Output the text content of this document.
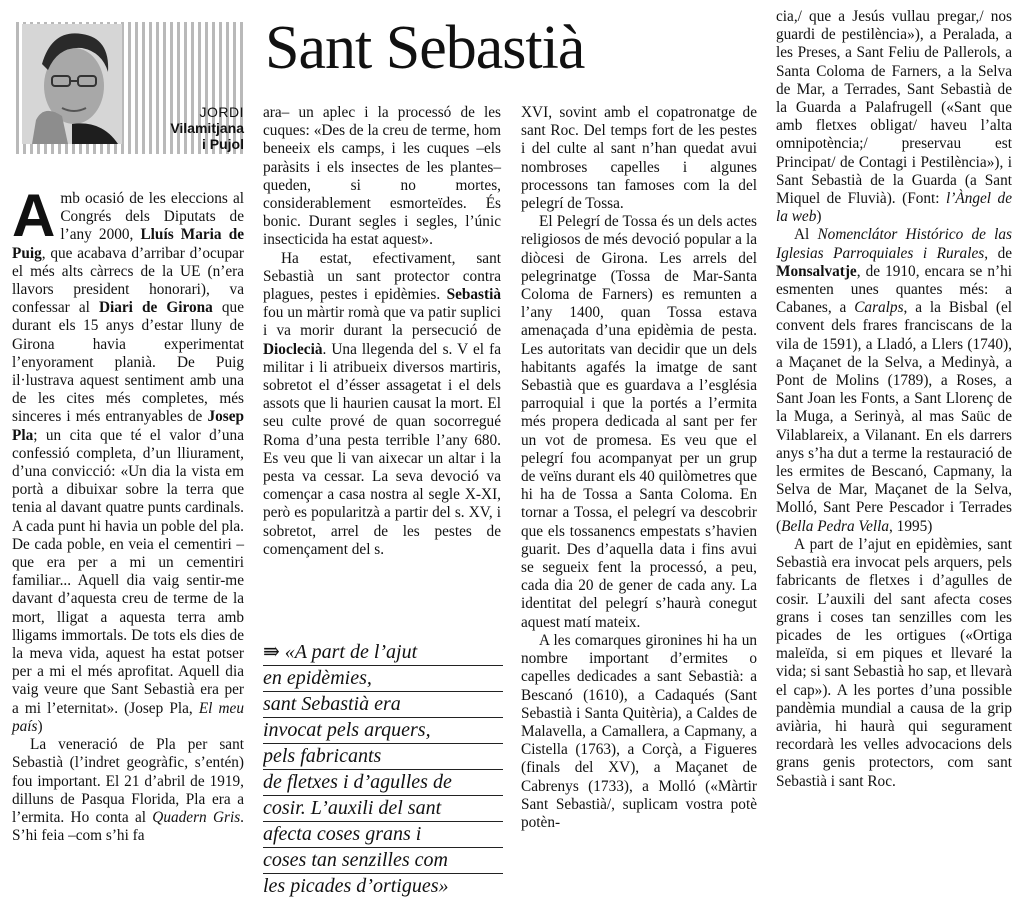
JORDI
Vilamitjana
i Pujol
Sant Sebastià

Amb ocasió de les eleccions al Congrés dels Diputats de l’any 2000, Lluís Maria de Puig, que acabava d’arribar d’ocupar el més alts càrrecs de la UE (n’era llavors president honorari), va confessar al Diari de Girona que durant els 15 anys d’estar lluny de Girona havia experimentat l’enyorament planià. De Puig il·lustrava aquest sentiment amb una de les cites més completes, més sinceres i més entranyables de Josep Pla; un cita que té el valor d’una confessió completa, d’un lliurament, d’una convicció: «Un dia la vista em portà a dibuixar sobre la terra que tenia al davant quatre punts cardinals. A cada punt hi havia un poble del pla. De cada poble, en veia el cementiri –que era per a mi un cementiri familiar... Aquell dia vaig sentir-me davant d’aquesta creu de terme de la mort, lligat a aquesta terra amb lligams immortals. De tots els dies de la meva vida, aquest ha estat potser per a mi el més aprofitat. Aquell dia vaig veure que Sant Sebastià era per a mi l’eternitat». (Josep Pla, El meu país)

La veneració de Pla per sant Sebastià (l’indret geogràfic, s’entén) fou important. El 21 d’abril de 1919, dilluns de Pasqua Florida, Pla era a l’ermita. Ho conta al Quadern Gris. S’hi feia –com s’hi fa

ara– un aplec i la processó de les cuques: «Des de la creu de terme, hom beneeix els camps, i les cuques –els paràsits i els insectes de les plantes– queden, si no mortes, considerablement esmorteïdes. És bonic. Durant segles i segles, l’únic insecticida ha estat aquest».

Ha estat, efectivament, sant Sebastià un sant protector contra plagues, pestes i epidèmies. Sebastià fou un màrtir romà que va patir suplici i va morir durant la persecució de Dioclecià. Una llegenda del s. V el fa militar i li atribueix diversos martiris, sobretot el d’ésser assagetat i el dels assots que li haurien causat la mort. El seu culte prové de quan socorregué Roma d’una pesta terrible l’any 680. Es veu que li van aixecar un altar i la pesta va cessar. La seva devoció va començar a casa nostra al segle X-XI, però es popularitzà a partir del s. XV, i sobretot, arrel de les pestes de començament del s.

⇛ «A part de l’ajut
en epidèmies,
sant Sebastià era
invocat pels arquers,
pels fabricants
de fletxes i d’agulles de
cosir. L’auxili del sant
afecta coses grans i
coses tan senzilles com
les picades d’ortigues»

XVI, sovint amb el copatronatge de sant Roc. Del temps fort de les pestes i del culte al sant n’han quedat avui nombroses capelles i algunes processons tan famoses com la del pelegrí de Tossa.

El Pelegrí de Tossa és un dels actes religiosos de més devoció popular a la diòcesi de Girona. Les arrels del pelegrinatge (Tossa de Mar-Santa Coloma de Farners) es remunten a l’any 1400, quan Tossa estava amenaçada d’una epidèmia de pesta. Les autoritats van decidir que un dels habitants agafés la imatge de sant Sebastià que es guardava a l’església parroquial i que la portés a l’ermita més propera dedicada al sant per fer un vot de promesa. Es veu que el pelegrí fou acompanyat per un grup de veïns durant els 40 quilòmetres que hi ha de Tossa a Santa Coloma. En tornar a Tossa, el pelegrí va descobrir que els tossanencs empestats s’havien guarit. Des d’aquella data i fins avui se segueix fent la processó, a peu, cada dia 20 de gener de cada any. La identitat del pelegrí s’haurà conegut aquest matí mateix.

A les comarques gironines hi ha un nombre important d’ermites o capelles dedicades a sant Sebastià: a Bescanó (1610), a Cadaqués (Sant Sebastià i Santa Quitèria), a Caldes de Malavella, a Camallera, a Capmany, a Cistella (1763), a Corçà, a Figueres (finals del XV), a Maçanet de Cabrenys (1733), a Molló («Màrtir Sant Sebastià/, suplicam vostra potè potèn-

cia,/ que a Jesús vullau pregar,/ nos guardi de pestilència»), a Peralada, a les Preses, a Sant Feliu de Pallerols, a Santa Coloma de Farners, a la Selva de Mar, a Terrades, Sant Sebastià de la Guarda a Palafrugell («Sant que amb fletxes obligat/ haveu l’alta omnipotència;/ preservau est Principat/ de Contagi i Pestilència»), i Sant Sebastià de la Guarda (a Sant Miquel de Fluvià). (Font: l’Àngel de la web)

Al Nomenclátor Histórico de las Iglesias Parroquiales i Rurales, de Monsalvatje, de 1910, encara se n’hi esmenten unes quantes més: a Cabanes, a Caralps, a la Bisbal (el convent dels frares franciscans de la vila de 1591), a Lladó, a Llers (1740), a Maçanet de la Selva, a Medinyà, a Pont de Molins (1789), a Roses, a Sant Joan les Fonts, a Sant Llorenç de la Muga, a Serinyà, al mas Saüc de Vilablareix, a Vilanant. En els darrers anys s’ha dut a terme la restauració de les ermites de Bescanó, Capmany, la Selva de Mar, Maçanet de la Selva, Molló, Sant Pere Pescador i Terrades (Bella Pedra Vella, 1995)

A part de l’ajut en epidèmies, sant Sebastià era invocat pels arquers, pels fabricants de fletxes i d’agulles de cosir. L’auxili del sant afecta coses grans i coses tan senzilles com les picades de les ortigues («Ortiga maleïda, si em piques et llevaré la vida; si sant Sebastià ho sap, et llevarà el cap»). A les portes d’una possible pandèmia mundial a causa de la grip aviària, hi haurà qui segurament recordarà les velles advocacions dels grans genis protectors, com sant Sebastià i sant Roc.
